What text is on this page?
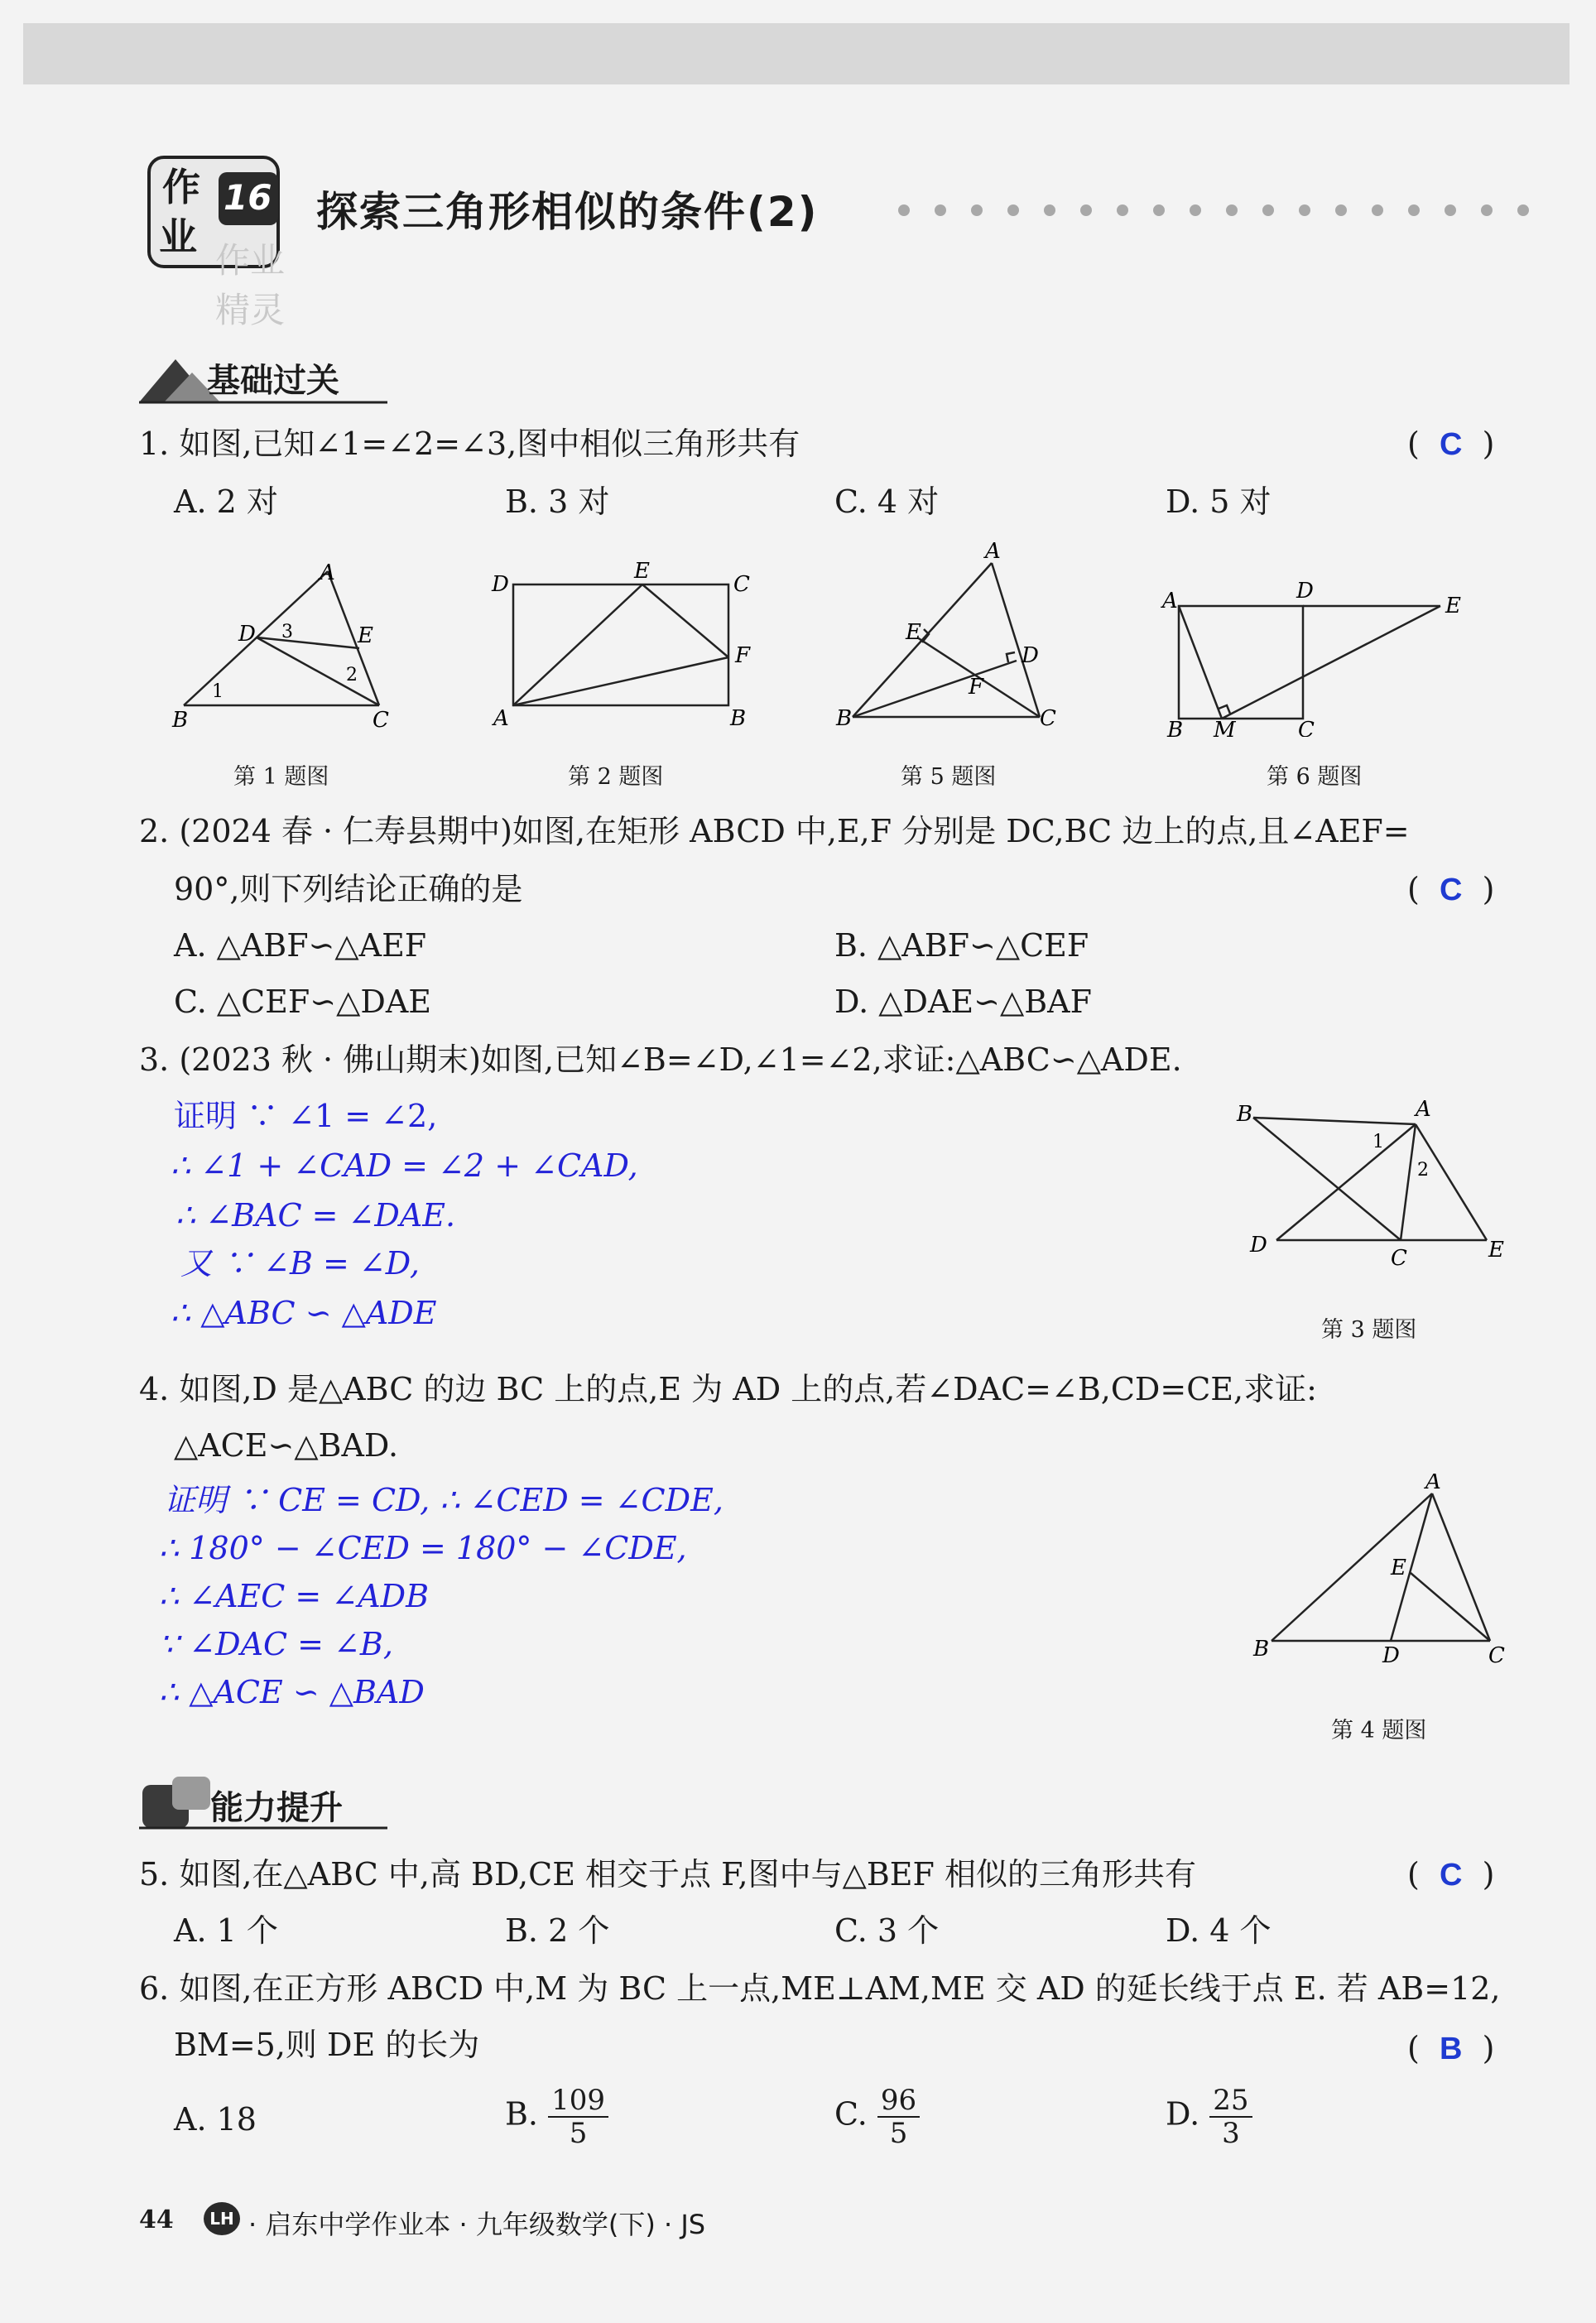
作
业
16
作业精灵
探索三角形相似的条件(2)
基础过关
1. 如图,已知∠1=∠2=∠3,图中相似三角形共有	(  C  )
A. 2 对	B. 3 对	C. 4 对	D. 5 对
A
D 3	E
2
1
B	C
第 1 题图
D
E
C
F
A	B
第 2 题图
A
E
D
F
B	C
第 5 题图
A	D
E
B M	C
第 6 题图
2. (2024 春 · 仁寿县期中)如图,在矩形 ABCD 中,E,F 分别是 DC,BC 边上的点,且∠AEF=
90°,则下列结论正确的是	(  C  )
A. △ABF∽△AEF	B. △ABF∽△CEF
C. △CEF∽△DAE	D. △DAE∽△BAF
3. (2023 秋 · 佛山期末)如图,已知∠B=∠D,∠1=∠2,求证:△ABC∽△ADE.
证明 ∵ ∠1 = ∠2,
∴ ∠1 + ∠CAD = ∠2 + ∠CAD,
∴ ∠BAC = ∠DAE.
又 ∵ ∠B = ∠D,
∴ △ABC ∽ △ADE
B	A
1
2
D
C	E
第 3 题图
4. 如图,D 是△ABC 的边 BC 上的点,E 为 AD 上的点,若∠DAC=∠B,CD=CE,求证:
△ACE∽△BAD.
证明 ∵ CE = CD, ∴ ∠CED = ∠CDE,
∴ 180° − ∠CED = 180° − ∠CDE,
∴ ∠AEC = ∠ADB
∵ ∠DAC = ∠B,
∴ △ACE ∽ △BAD
A
E
B	D	C
第 4 题图
能力提升
5. 如图,在△ABC 中,高 BD,CE 相交于点 F,图中与△BEF 相似的三角形共有	(  C  )
A. 1 个	B. 2 个	C. 3 个	D. 4 个
6. 如图,在正方形 ABCD 中,M 为 BC 上一点,ME⊥AM,ME 交 AD 的延长线于点 E. 若 AB=12,
BM=5,则 DE 的长为	(  B  )
A. 18	B. $\frac{109}{5}$	C. $\frac{96}{5}$	D. $\frac{25}{3}$
44	LH · 启东中学作业本 · 九年级数学(下) · JS
